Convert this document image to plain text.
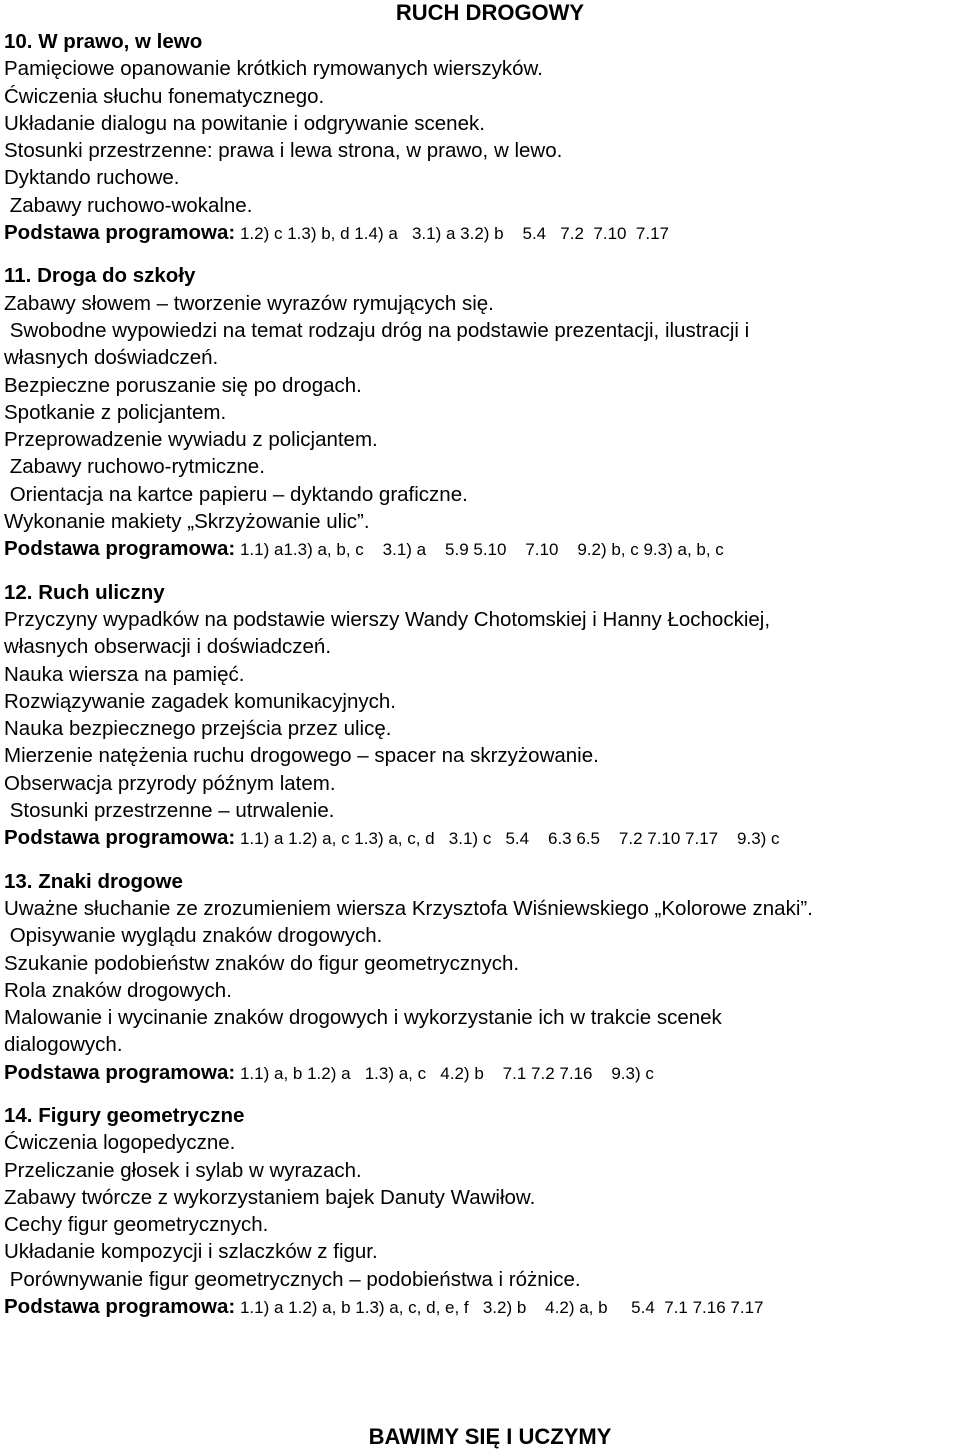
RUCH DROGOWY
10. W prawo, w lewo
Pamięciowe opanowanie krótkich rymowanych wierszyków.
Ćwiczenia słuchu fonematycznego.
Układanie dialogu na powitanie i odgrywanie scenek.
Stosunki przestrzenne: prawa i lewa strona, w prawo, w lewo.
Dyktando ruchowe.
Zabawy ruchowo-wokalne.
Podstawa programowa: 1.2) c 1.3) b, d 1.4) a   3.1) a 3.2) b    5.4   7.2  7.10  7.17
11. Droga do szkoły
Zabawy słowem – tworzenie wyrazów rymujących się.
Swobodne wypowiedzi na temat rodzaju dróg na podstawie prezentacji, ilustracji i
własnych doświadczeń.
Bezpieczne poruszanie się po drogach.
Spotkanie z policjantem.
Przeprowadzenie wywiadu z policjantem.
Zabawy ruchowo-rytmiczne.
Orientacja na kartce papieru – dyktando graficzne.
Wykonanie makiety „Skrzyżowanie ulic”.
Podstawa programowa: 1.1) a1.3) a, b, c    3.1) a    5.9 5.10    7.10    9.2) b, c 9.3) a, b, c
12. Ruch uliczny
Przyczyny wypadków na podstawie wierszy Wandy Chotomskiej i Hanny Łochockiej,
własnych obserwacji i doświadczeń.
Nauka wiersza na pamięć.
Rozwiązywanie zagadek komunikacyjnych.
Nauka bezpiecznego przejścia przez ulicę.
Mierzenie natężenia ruchu drogowego – spacer na skrzyżowanie.
Obserwacja przyrody późnym latem.
Stosunki przestrzenne – utrwalenie.
Podstawa programowa: 1.1) a 1.2) a, c 1.3) a, c, d   3.1) c   5.4    6.3 6.5    7.2 7.10 7.17    9.3) c
13. Znaki drogowe
Uważne słuchanie ze zrozumieniem wiersza Krzysztofa Wiśniewskiego „Kolorowe znaki”.
Opisywanie wyglądu znaków drogowych.
Szukanie podobieństw znaków do figur geometrycznych.
Rola znaków drogowych.
Malowanie i wycinanie znaków drogowych i wykorzystanie ich w trakcie scenek
dialogowych.
Podstawa programowa: 1.1) a, b 1.2) a   1.3) a, c   4.2) b    7.1 7.2 7.16    9.3) c
14. Figury geometryczne
Ćwiczenia logopedyczne.
Przeliczanie głosek i sylab w wyrazach.
Zabawy twórcze z wykorzystaniem bajek Danuty Wawiłow.
Cechy figur geometrycznych.
Układanie kompozycji i szlaczków z figur.
Porównywanie figur geometrycznych – podobieństwa i różnice.
Podstawa programowa: 1.1) a 1.2) a, b 1.3) a, c, d, e, f   3.2) b    4.2) a, b     5.4  7.1 7.16 7.17
BAWIMY SIĘ I UCZYMY
